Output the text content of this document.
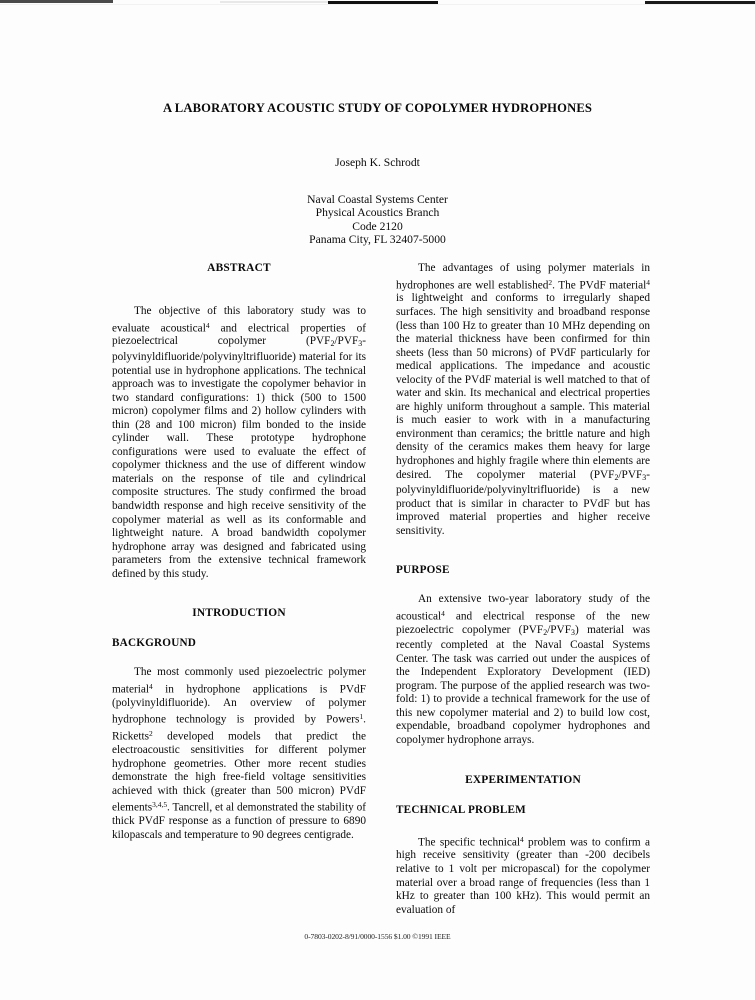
A LABORATORY ACOUSTIC STUDY OF COPOLYMER HYDROPHONES
Joseph K. Schrodt
Naval Coastal Systems Center
Physical Acoustics Branch
Code 2120
Panama City, FL 32407-5000
ABSTRACT

The objective of this laboratory study was to evaluate acoustical$^4$ and electrical properties of piezoelectrical copolymer $(PVF_2/PVF_3-polyvinyldifluoride/polyvinyltrifluoride)$ material for its potential use in hydrophone applications. The technical approach was to investigate the copolymer behavior in two standard configurations: 1) thick (500 to 1500 micron) copolymer films and 2) hollow cylinders with thin (28 and 100 micron) film bonded to the inside cylinder wall. These prototype hydrophone configurations were used to evaluate the effect of copolymer thickness and the use of different window materials on the response of tile and cylindrical composite structures. The study confirmed the broad bandwidth response and high receive sensitivity of the copolymer material as well as its conformable and lightweight nature. A broad bandwidth copolymer hydrophone array was designed and fabricated using parameters from the extensive technical framework defined by this study.

INTRODUCTION
BACKGROUND

The most commonly used piezoelectric polymer material$^4$ in hydrophone applications is PVdF (polyvinyldifluoride). An overview of polymer hydrophone technology is provided by Powers$^1$. Ricketts$^2$ developed models that predict the electroacoustic sensitivities for different polymer hydrophone geometries. Other more recent studies demonstrate the high free-field voltage sensitivities achieved with thick (greater than 500 micron) PVdF elements$^{3,4,5}$. Tancrell, et al demonstrated the stability of thick PVdF response as a function of pressure to 6890 kilopascals and temperature to 90 degrees centigrade.

The advantages of using polymer materials in hydrophones are well established$^2$. The PVdF material$^4$ is lightweight and conforms to irregularly shaped surfaces. The high sensitivity and broadband response (less than 100 Hz to greater than 10 MHz depending on the material thickness have been confirmed for thin sheets (less than 50 microns) of PVdF particularly for medical applications. The impedance and acoustic velocity of the PVdF material is well matched to that of water and skin. Its mechanical and electrical properties are highly uniform throughout a sample. This material is much easier to work with in a manufacturing environment than ceramics; the brittle nature and high density of the ceramics makes them heavy for large hydrophones and highly fragile where thin elements are desired. The copolymer material $(PVF_2/PVF_3-polyvinyldifluoride/polyvinyltrifluoride)$ is a new product that is similar in character to PVdF but has improved material properties and higher receive sensitivity.

PURPOSE

An extensive two-year laboratory study of the acoustical$^4$ and electrical response of the new piezoelectric copolymer $(PVF_2/PVF_3)$ material was recently completed at the Naval Coastal Systems Center. The task was carried out under the auspices of the Independent Exploratory Development (IED) program. The purpose of the applied research was two-fold: 1) to provide a technical framework for the use of this new copolymer material and 2) to build low cost, expendable, broadband copolymer hydrophones and copolymer hydrophone arrays.

EXPERIMENTATION
TECHNICAL PROBLEM

The specific technical$^4$ problem was to confirm a high receive sensitivity (greater than -200 decibels relative to 1 volt per micropascal) for the copolymer material over a broad range of frequencies (less than 1 kHz to greater than 100 kHz). This would permit an evaluation of

0-7803-0202-8/91/0000-1556 $1.00 ©1991 IEEE
